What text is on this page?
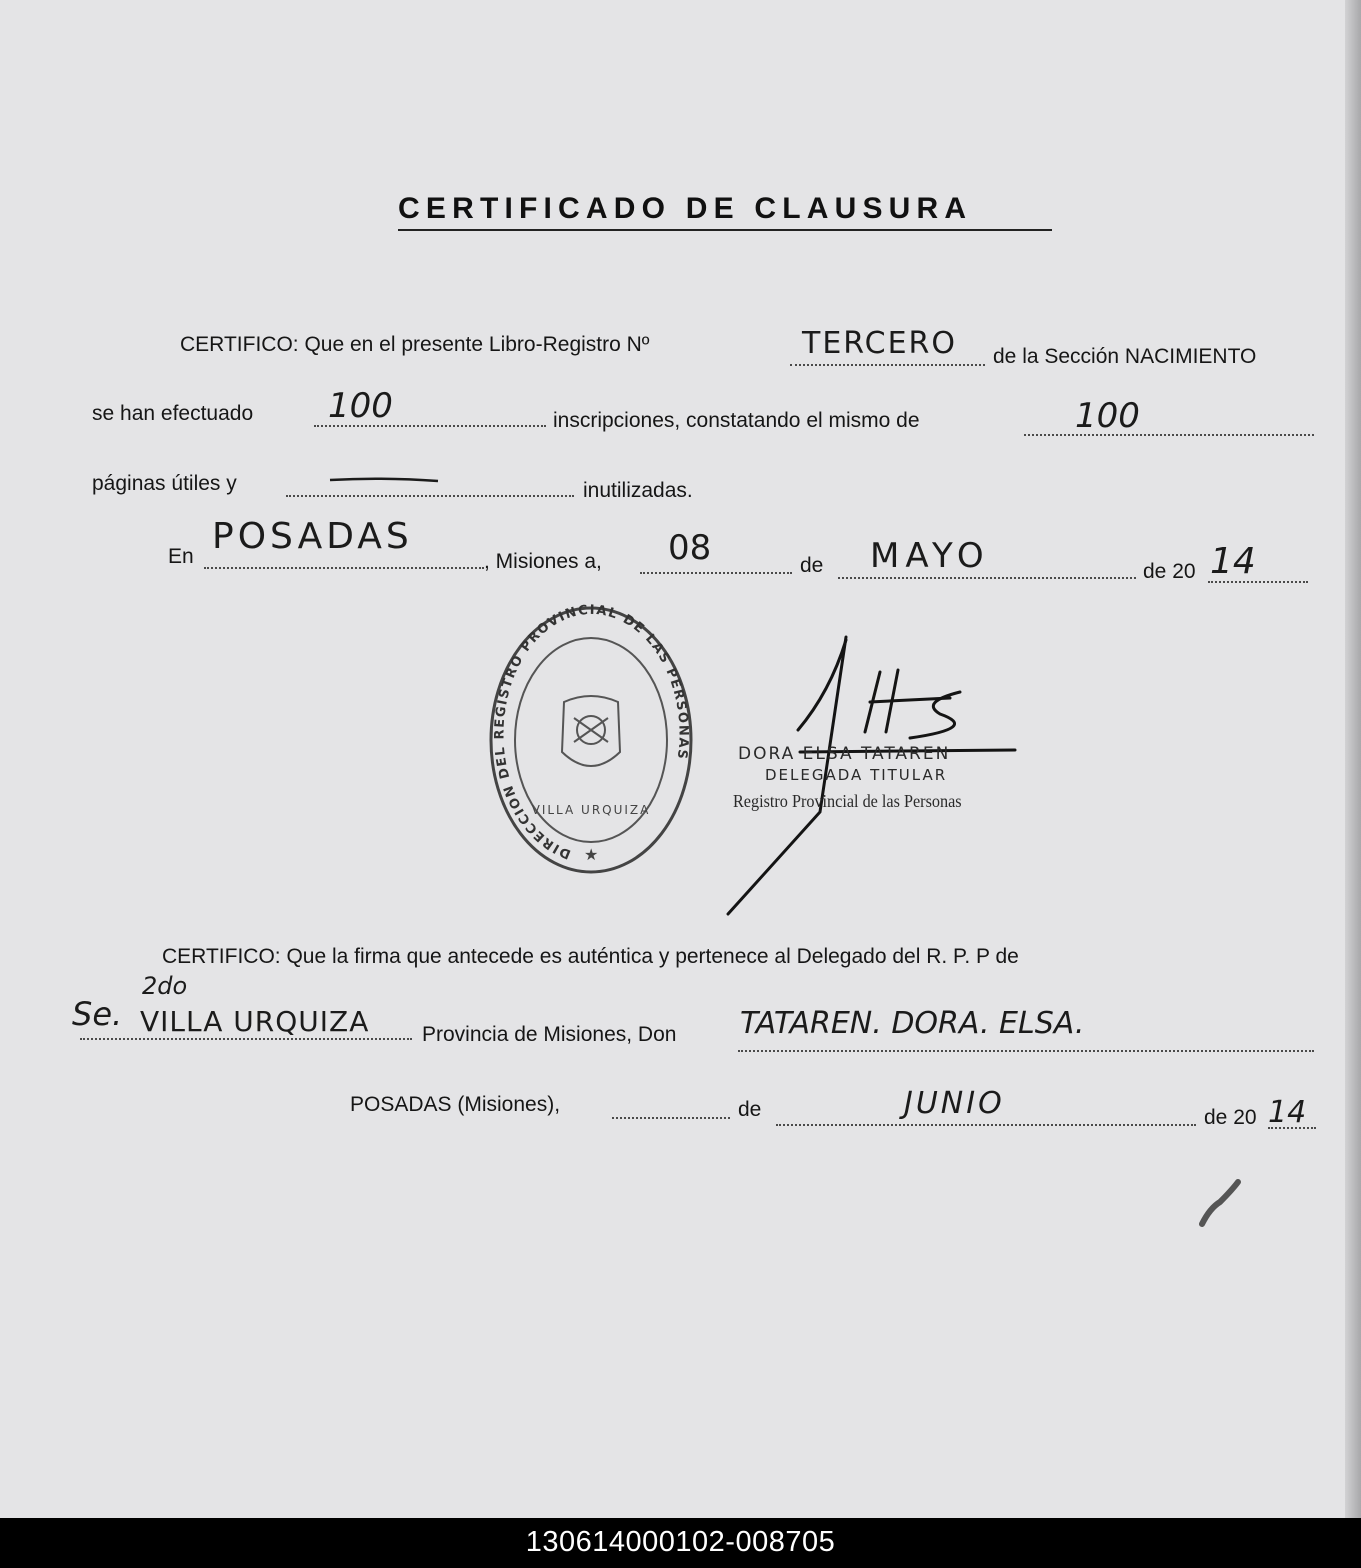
CERTIFICADO DE CLAUSURA
CERTIFICO: Que en el presente Libro-Registro Nº	TERCERO de la Sección NACIMIENTO
se han efectuado 100	inscripciones, constatando el mismo de	100
páginas útiles y	inutilizadas.
En POSADAS
, Misiones a, 08	de MAYO	de 20 14
DIRECCION DEL REGISTRO PROVINCIAL DE LAS PERSONAS
VILLA URQUIZA
★
DORA ELSA TATAREN
DELEGADA TITULAR
Registro Provincial de las Personas
CERTIFICO: Que la firma que antecede es auténtica y pertenece al Delegado del R. P. P de
Se.
2do
VILLA URQUIZA	Provincia de Misiones, Don TATAREN. DORA. ELSA.
POSADAS (Misiones),	de	JUNIO	de 20 14
130614000102-008705
